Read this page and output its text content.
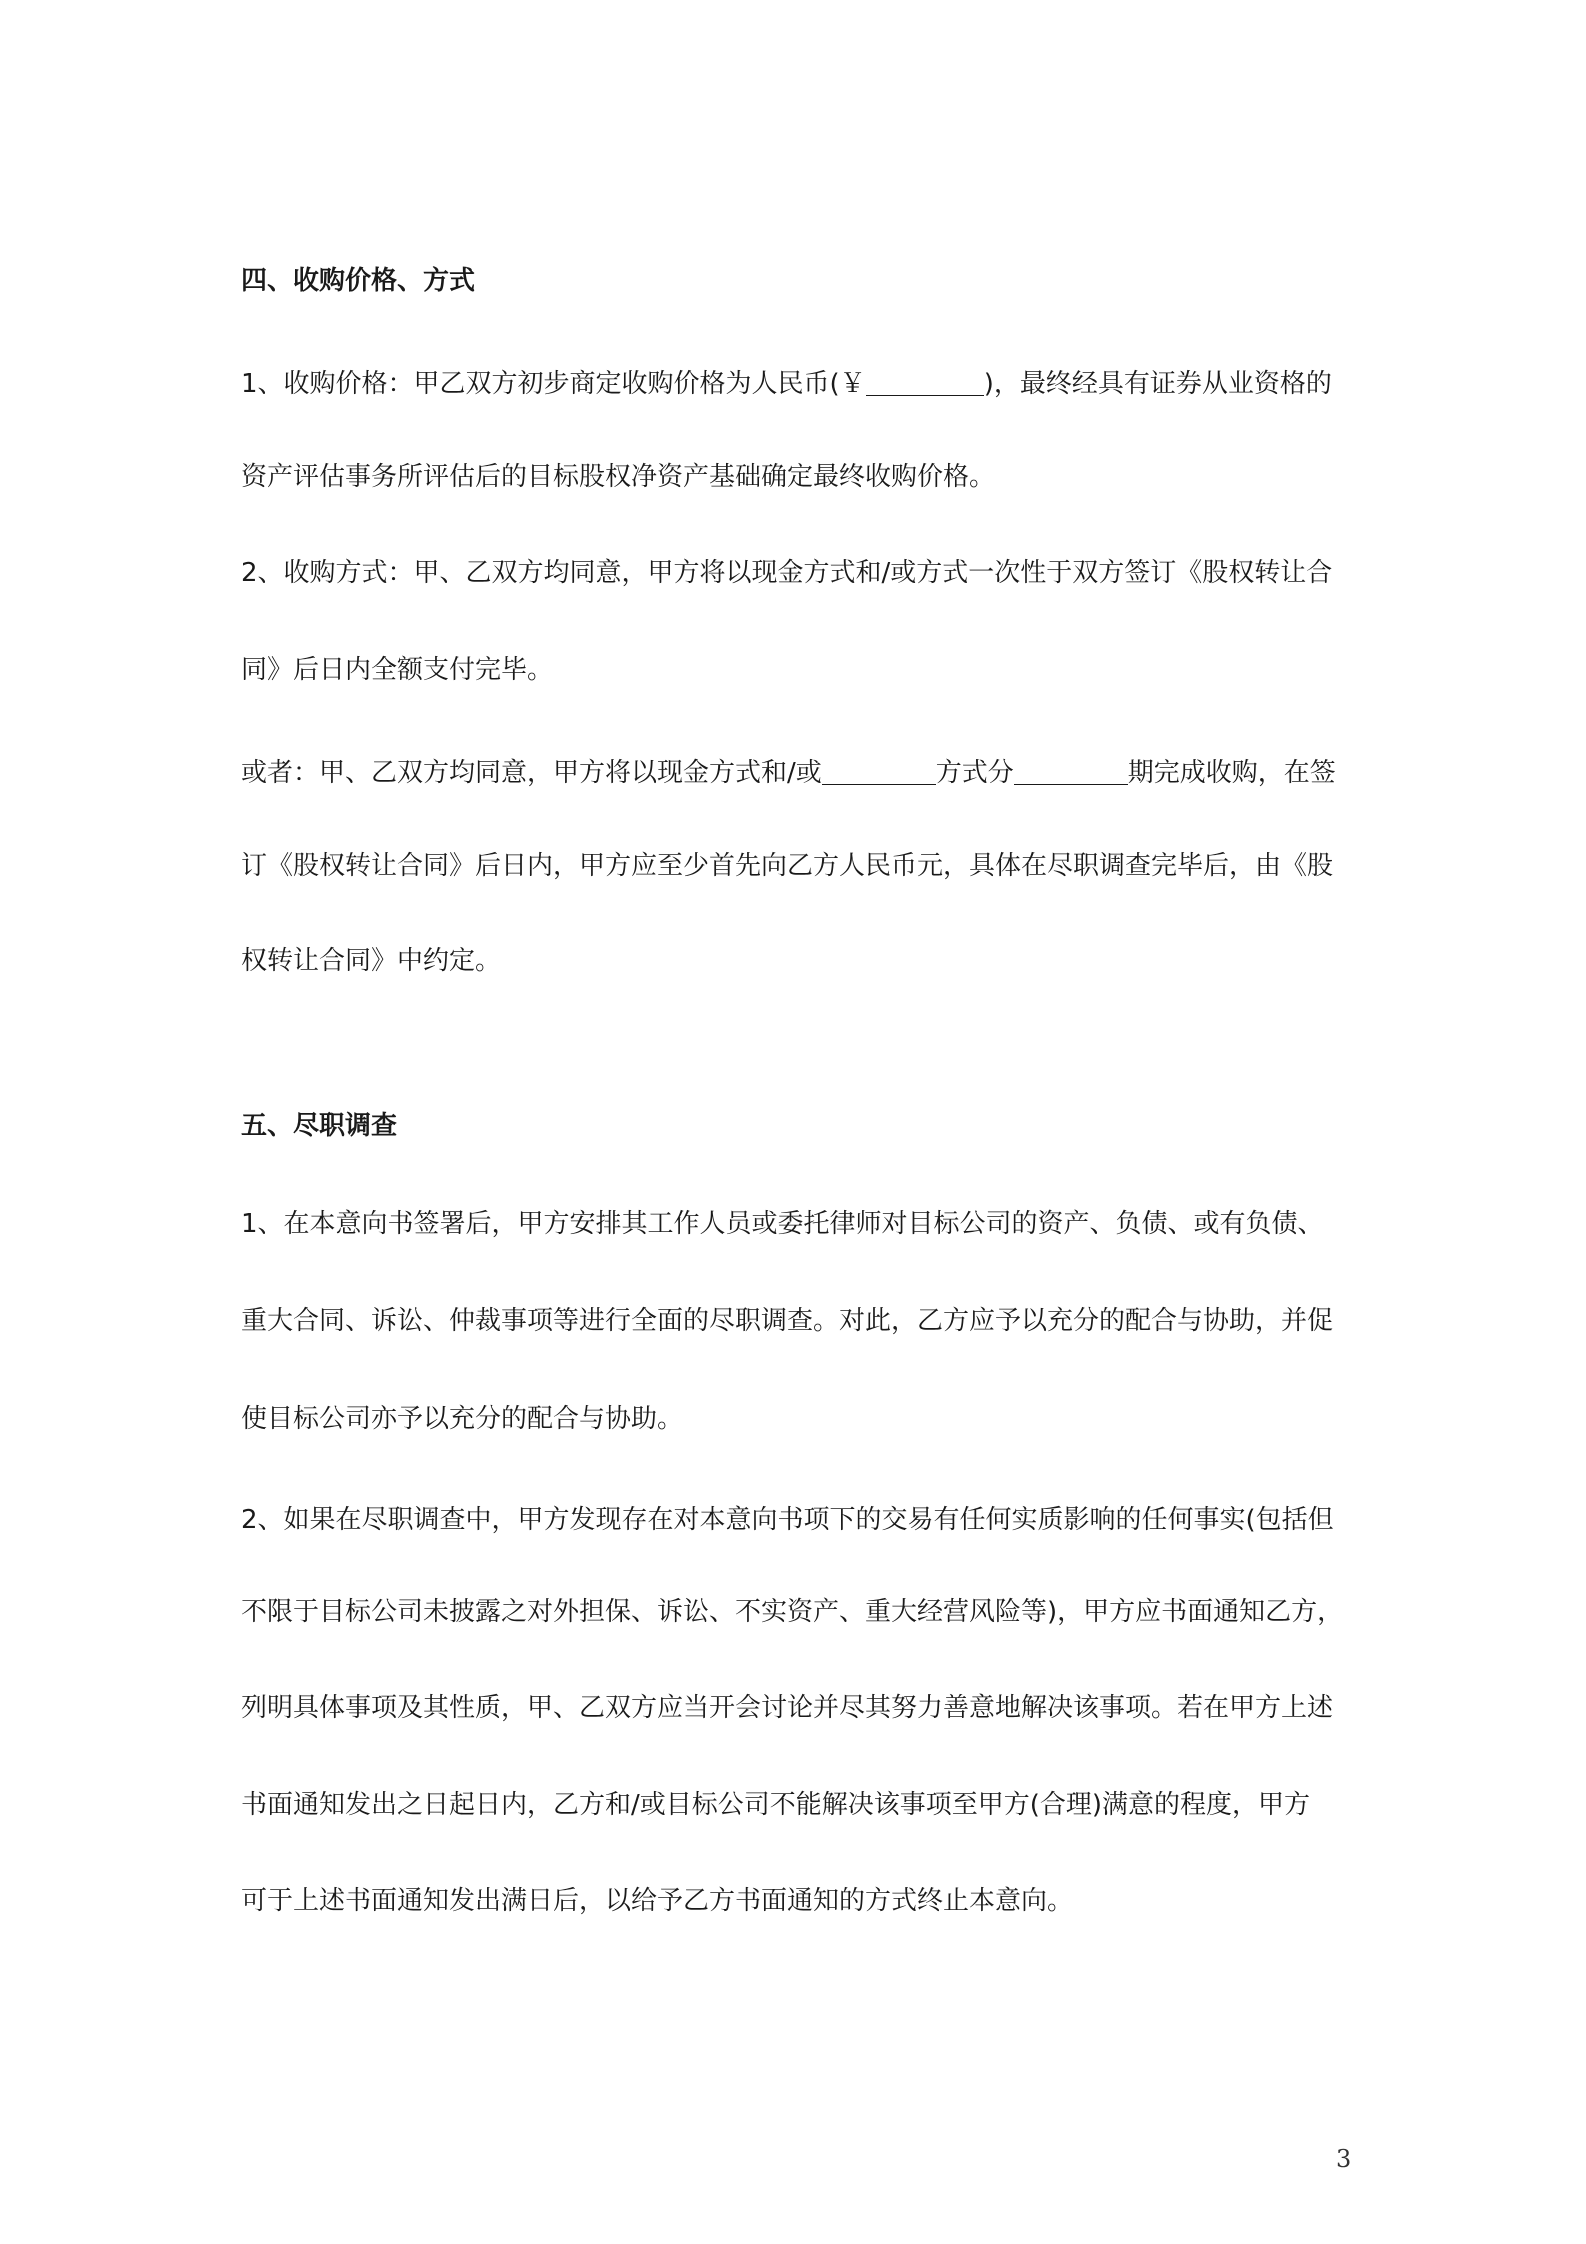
四、收购价格、方式
1、收购价格：甲乙双方初步商定收购价格为人民币(￥	)，最终经具有证券从业资格的
资产评估事务所评估后的目标股权净资产基础确定最终收购价格。
2、收购方式：甲、乙双方均同意，甲方将以现金方式和/或方式一次性于双方签订《股权转让合
同》后日内全额支付完毕。
或者：甲、乙双方均同意，甲方将以现金方式和/或	方式分	期完成收购，在签
订《股权转让合同》后日内，甲方应至少首先向乙方人民币元，具体在尽职调查完毕后，由《股
权转让合同》中约定。
五、尽职调查
1、在本意向书签署后，甲方安排其工作人员或委托律师对目标公司的资产、负债、或有负债、
重大合同、诉讼、仲裁事项等进行全面的尽职调查。对此，乙方应予以充分的配合与协助，并促
使目标公司亦予以充分的配合与协助。
2、如果在尽职调查中，甲方发现存在对本意向书项下的交易有任何实质影响的任何事实(包括但
不限于目标公司未披露之对外担保、诉讼、不实资产、重大经营风险等)，甲方应书面通知乙方，
列明具体事项及其性质，甲、乙双方应当开会讨论并尽其努力善意地解决该事项。若在甲方上述
书面通知发出之日起日内，乙方和/或目标公司不能解决该事项至甲方(合理)满意的程度，甲方
可于上述书面通知发出满日后，以给予乙方书面通知的方式终止本意向。
3
